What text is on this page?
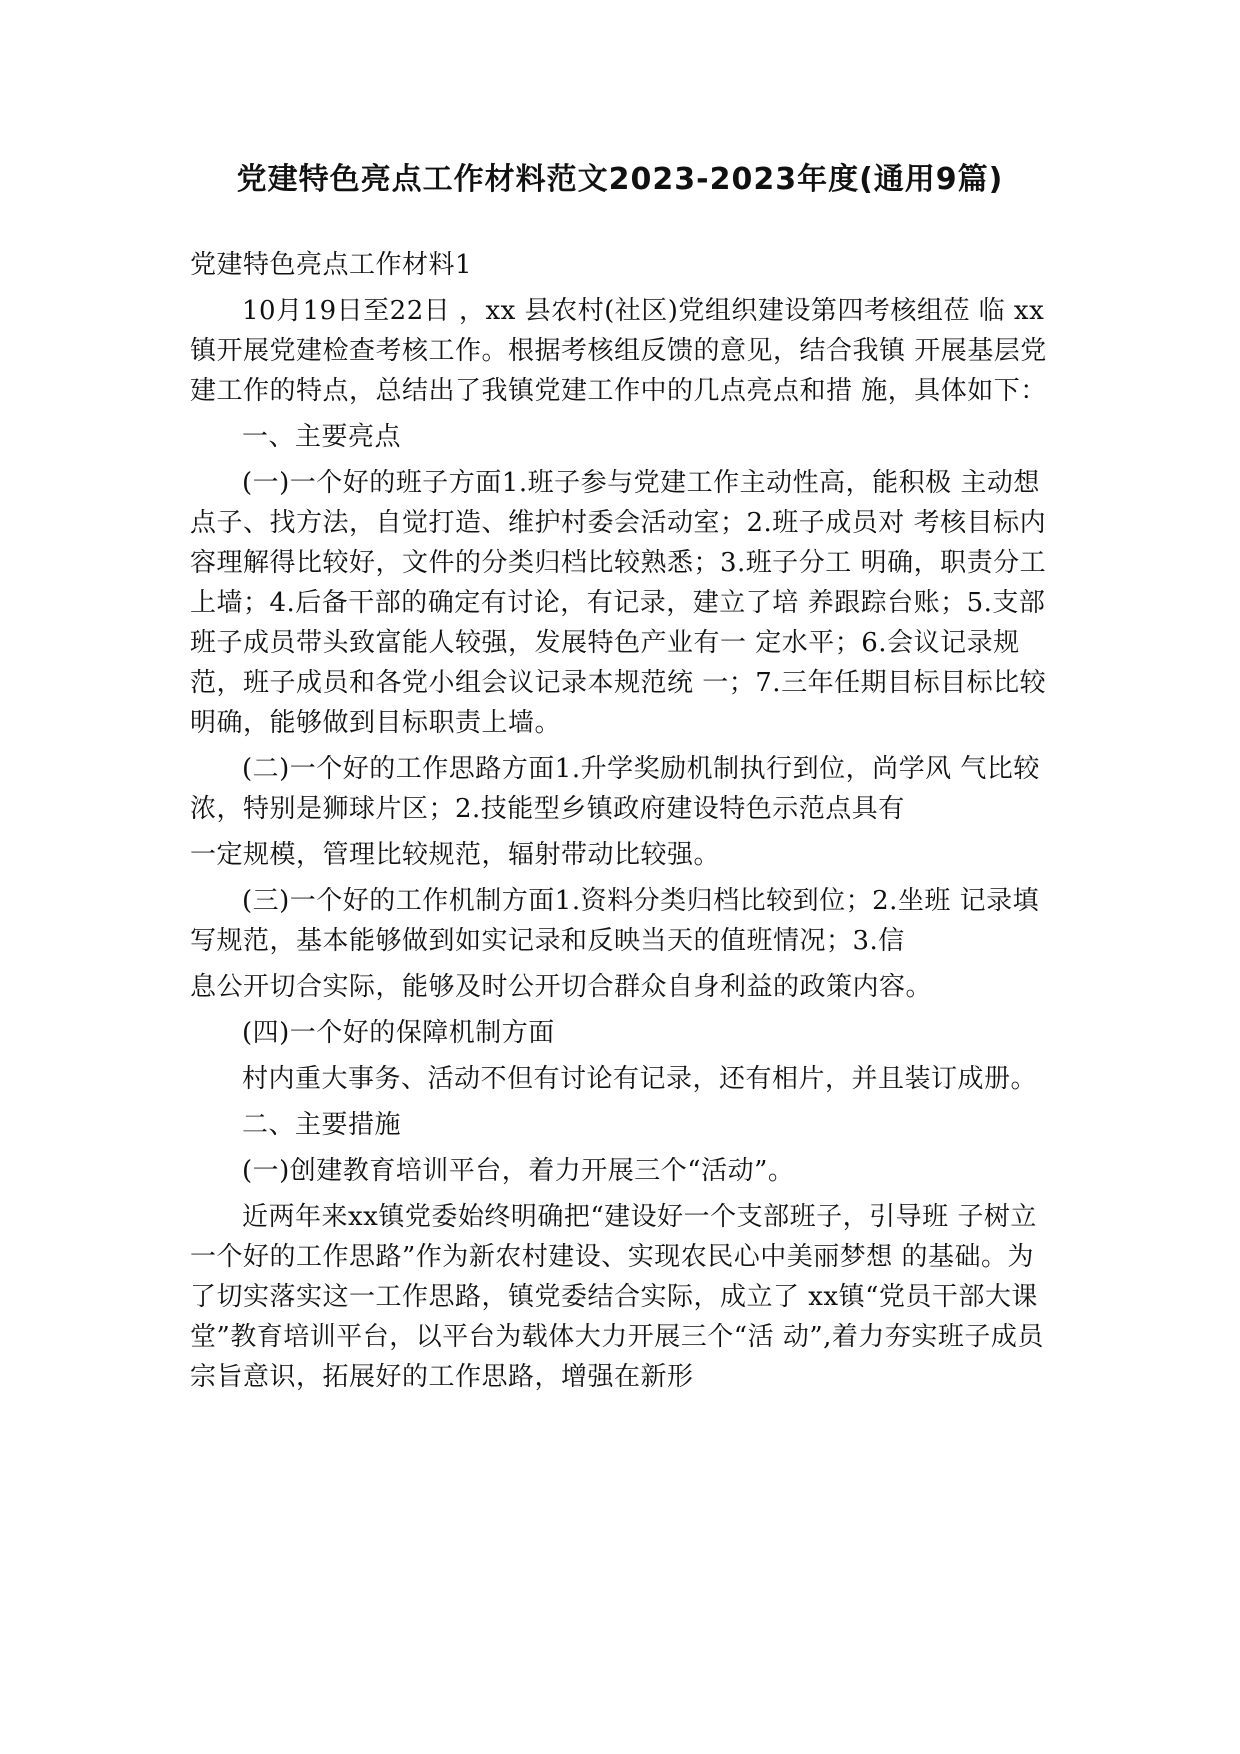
党建特色亮点工作材料范文2023-2023年度(通用9篇)

党建特色亮点工作材料1

10月19日至22日 ，xx 县农村(社区)党组织建设第四考核组莅 临 xx 镇开展党建检查考核工作。根据考核组反馈的意见，结合我镇 开展基层党建工作的特点，总结出了我镇党建工作中的几点亮点和措 施，具体如下：

一、主要亮点

(一)一个好的班子方面1.班子参与党建工作主动性高，能积极 主动想点子、找方法，自觉打造、维护村委会活动室；2.班子成员对 考核目标内容理解得比较好，文件的分类归档比较熟悉；3.班子分工 明确，职责分工上墙；4.后备干部的确定有讨论，有记录，建立了培 养跟踪台账；5.支部班子成员带头致富能人较强，发展特色产业有一 定水平；6.会议记录规范，班子成员和各党小组会议记录本规范统 一；7.三年任期目标目标比较明确，能够做到目标职责上墙。

(二)一个好的工作思路方面1.升学奖励机制执行到位，尚学风 气比较浓，特别是狮球片区；2.技能型乡镇政府建设特色示范点具有

一定规模，管理比较规范，辐射带动比较强。

(三)一个好的工作机制方面1.资料分类归档比较到位；2.坐班 记录填写规范，基本能够做到如实记录和反映当天的值班情况；3.信

息公开切合实际，能够及时公开切合群众自身利益的政策内容。

(四)一个好的保障机制方面

村内重大事务、活动不但有讨论有记录，还有相片，并且装订成册。

二、主要措施

(一)创建教育培训平台，着力开展三个“活动”。

近两年来xx镇党委始终明确把“建设好一个支部班子，引导班 子树立一个好的工作思路”作为新农村建设、实现农民心中美丽梦想 的基础。为了切实落实这一工作思路，镇党委结合实际，成立了 xx镇“党员干部大课堂”教育培训平台，以平台为载体大力开展三个“活 动”,着力夯实班子成员宗旨意识，拓展好的工作思路，增强在新形
